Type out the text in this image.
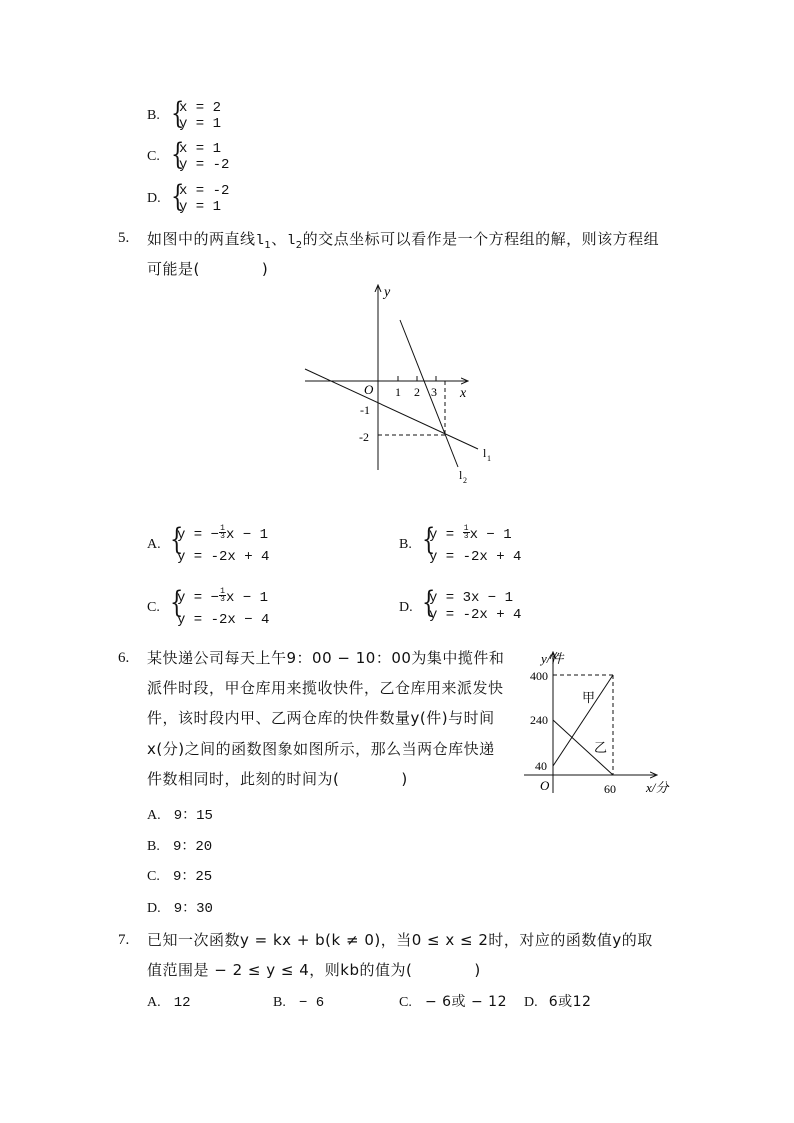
B. {
x = 2
y = 1
C. {
x = 1
y = -2
D. {
x = -2
y = 1
5. 如图中的两直线$l_1$、$l_2$的交点坐标可以看作是一个方程组的解，则该方程组
可能是(　　　　)
y
x
O 1 2 3
-1
-2
l 1
l 2
A. {
y = − $\frac{1}{3}$ x − 1
y = -2x + 4
B. {
$y = \frac{1}{3}$ x − 1
y = -2x + 4
C. {
y = − $\frac{1}{3}$ x − 1
y = -2x − 4
D. {
y = 3x − 1
y = -2x + 4
6. 某快递公司每天上午9：00 − 10：00为集中揽件和
派件时段，甲仓库用来揽收快件，乙仓库用来派发快
件，该时段内甲、乙两仓库的快件数量y(件)与时间
x(分)之间的函数图象如图所示，那么当两仓库快递
件数相同时，此刻的时间为(　　　　)
y/件
x/分
O
400
240
40
60
甲
乙
A. 9：15
B. 9：20
C. 9：25
D. 9：30
7. 已知一次函数y = kx + b(k ≠ 0)，当0 ≤ x ≤ 2时，对应的函数值y的取
值范围是 − 2 ≤ y ≤ 4，则kb的值为(　　　　)
A. 12	B. − 6	C. − 6或 − 12 D. 6或12
